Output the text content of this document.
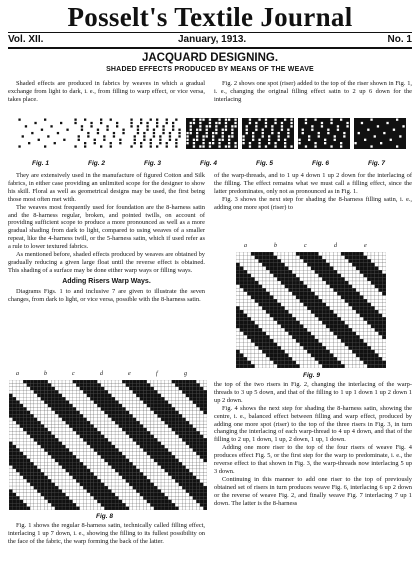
Posselt's Textile Journal
Vol. XII.	January, 1913.	No. 1
JACQUARD DESIGNING.
SHADED EFFECTS PRODUCED BY MEANS OF THE WEAVE

Shaded effects are produced in fabrics by weaves in which a gradual exchange from light to dark, i. e., from filling to warp effect, or vice versa, takes place.

Fig. 2 shows one spot (riser) added to the top of the riser shown in Fig. 1, i. e., changing the original filling effect satin to 2 up 6 down for the interlacing

Fig. 1	Fig. 2	Fig. 3	Fig. 4	Fig. 5	Fig. 6	Fig. 7

They are extensively used in the manufacture of figured Cotton and Silk fabrics, in either case providing an unlimited scope for the designer to show his skill. Floral as well as geometrical designs may be used, the first being those most often met with.

The weaves most frequently used for foundation are the 8-harness satin and the 8-harness regular, broken, and pointed twills, on account of providing sufficient scope to produce a more pronounced as well as a more gradual shading from dark to light, compared to using weaves of a smaller repeat, like the 4-harness twill, or the 5-harness satin, which if used refer as a rule to lower textured fabrics.

As mentioned before, shaded effects produced by weaves are obtained by gradually reducing a given large float until the reverse effect is obtained. This shading of a surface may be done either warp ways or filling ways.

Adding Risers Warp Ways.

Diagrams Figs. 1 to and inclusive 7 are given to illustrate the seven changes, from dark to light, or vice versa, possible with the 8-harness satin.

a	b	c	d	e	f	g
Fig. 8

Fig. 1 shows the regular 8-harness satin, technically called filling effect, interlacing 1 up 7 down, i. e., showing the filling to its fullest possibility on the face of the fabric, the warp forming the back of the latter.

of the warp-threads, and to 1 up 4 down 1 up 2 down for the interlacing of the filling. The effect remains what we must call a filling effect, since the latter predominates, only not as pronounced as in Fig. 1.

Fig. 3 shows the next step for shading the 8-harness filling satin, i. e., adding one more spot (riser) to

a	b	c	d	e
Fig. 9

the top of the two risers in Fig. 2, changing the interlacing of the warp-threads to 3 up 5 down, and that of the filling to 1 up 1 down 1 up 2 down 1 up 2 down.

Fig. 4 shows the next step for shading the 8-harness satin, showing the centre, i. e., balanced effect between filling and warp effect, produced by adding one more spot (riser) to the top of the three risers in Fig. 3, in turn changing the interlacing of each warp-thread to 4 up 4 down, and that of the filling to 2 up, 1 down, 1 up, 2 down, 1 up, 1 down.

Adding one more riser to the top of the four risers of weave Fig. 4 produces effect Fig. 5, or the first step for the warp to predominate, i. e., the reverse effect to that shown in Fig. 3, the warp-threads now interlacing 5 up 3 down.

Continuing in this manner to add one riser to the top of previously obtained set of risers in turn produces weave Fig. 6, interlacing 6 up 2 down or the reverse of weave Fig. 2, and finally weave Fig. 7 interlacing 7 up 1 down. The latter is the 8-harness
